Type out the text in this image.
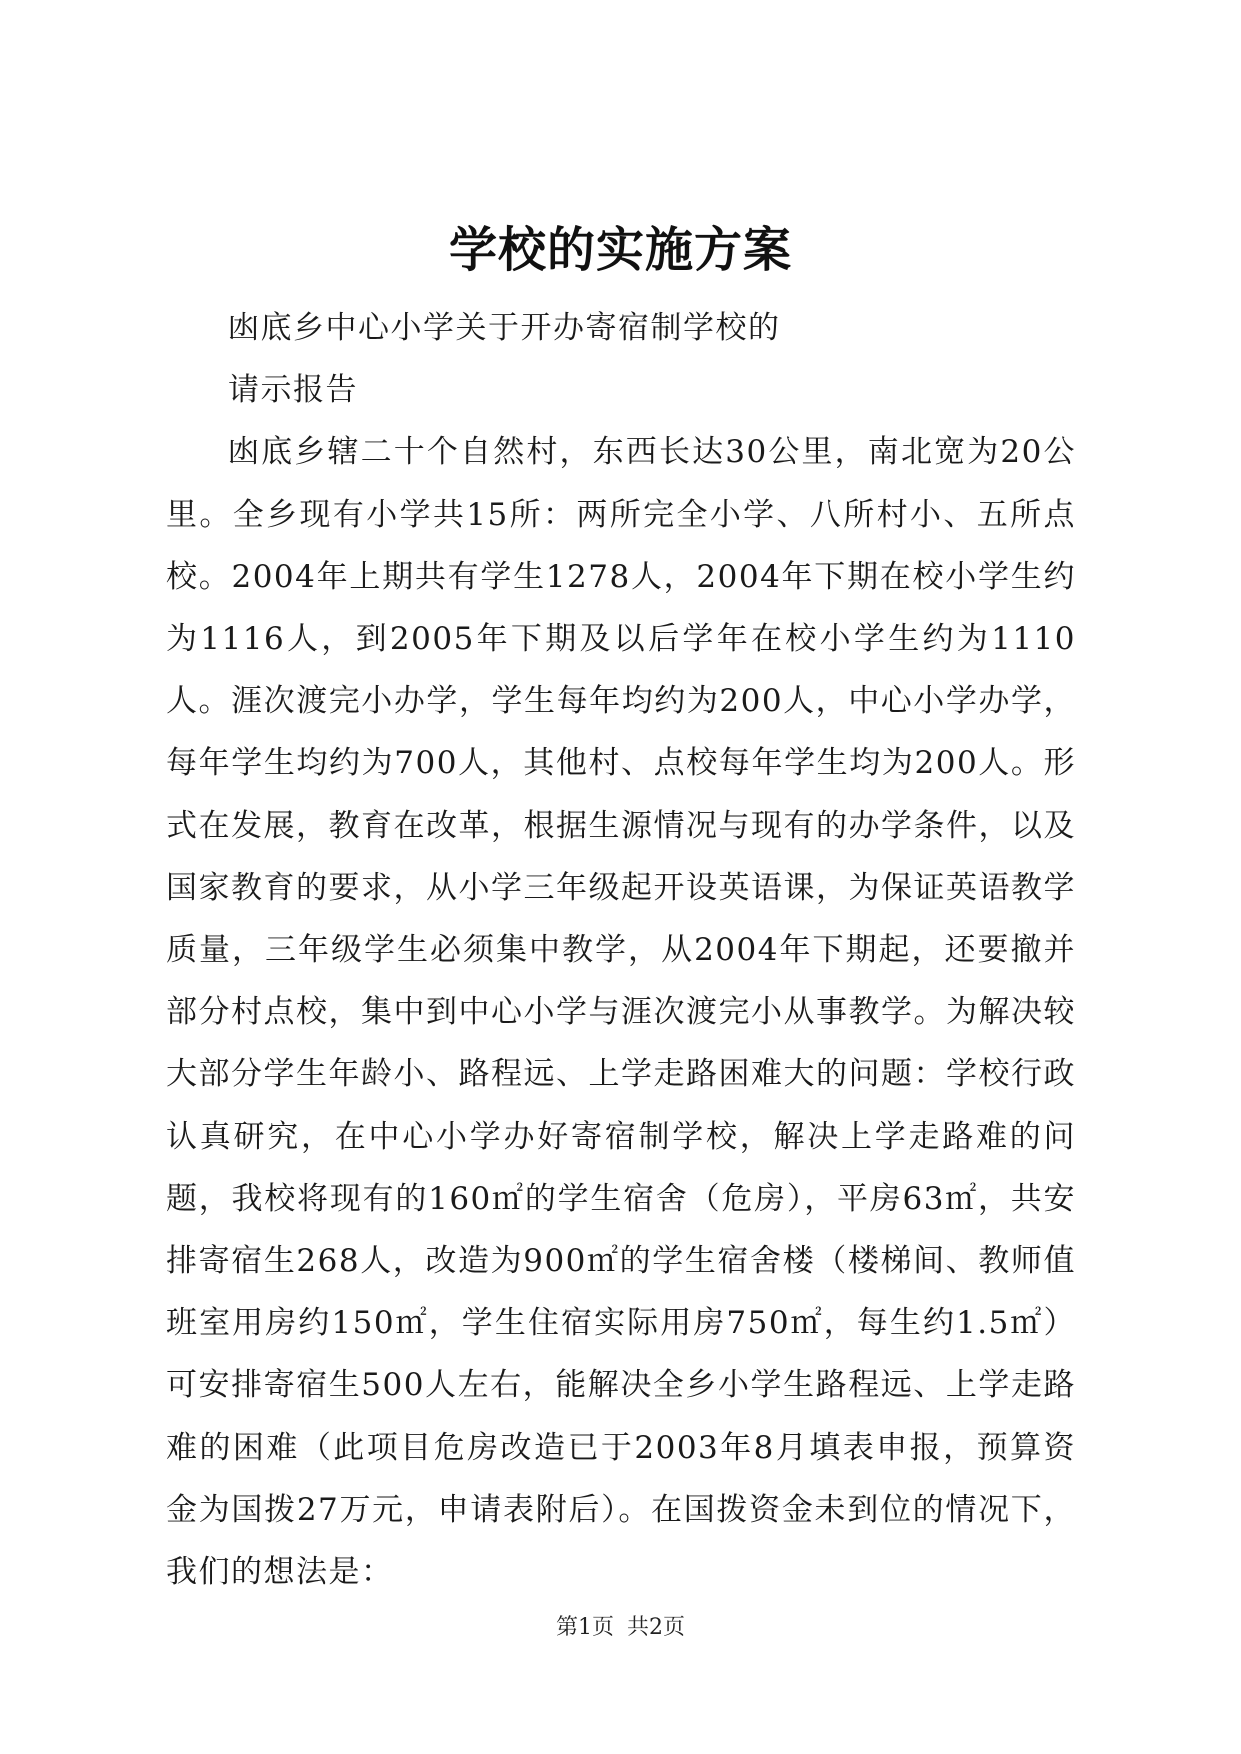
学校的实施方案

凼底乡中心小学关于开办寄宿制学校的

请示报告

凼底乡辖二十个自然村，东西长达30公里，南北宽为20公里。全乡现有小学共15所：两所完全小学、八所村小、五所点校。2004年上期共有学生1278人，2004年下期在校小学生约为1116人，到2005年下期及以后学年在校小学生约为1110人。涯次渡完小办学，学生每年均约为200人，中心小学办学，每年学生均约为700人，其他村、点校每年学生均为200人。形式在发展，教育在改革，根据生源情况与现有的办学条件，以及国家教育的要求，从小学三年级起开设英语课，为保证英语教学质量，三年级学生必须集中教学，从2004年下期起，还要撤并部分村点校，集中到中心小学与涯次渡完小从事教学。为解决较大部分学生年龄小、路程远、上学走路困难大的问题：学校行政认真研究，在中心小学办好寄宿制学校，解决上学走路难的问题，我校将现有的160㎡的学生宿舍（危房），平房63㎡，共安排寄宿生268人，改造为900㎡的学生宿舍楼（楼梯间、教师值班室用房约150㎡，学生住宿实际用房750㎡，每生约1.5㎡）可安排寄宿生500人左右，能解决全乡小学生路程远、上学走路难的困难（此项目危房改造已于2003年8月填表申报，预算资金为国拨27万元，申请表附后）。在国拨资金未到位的情况下，我们的想法是：

第1页 共2页
